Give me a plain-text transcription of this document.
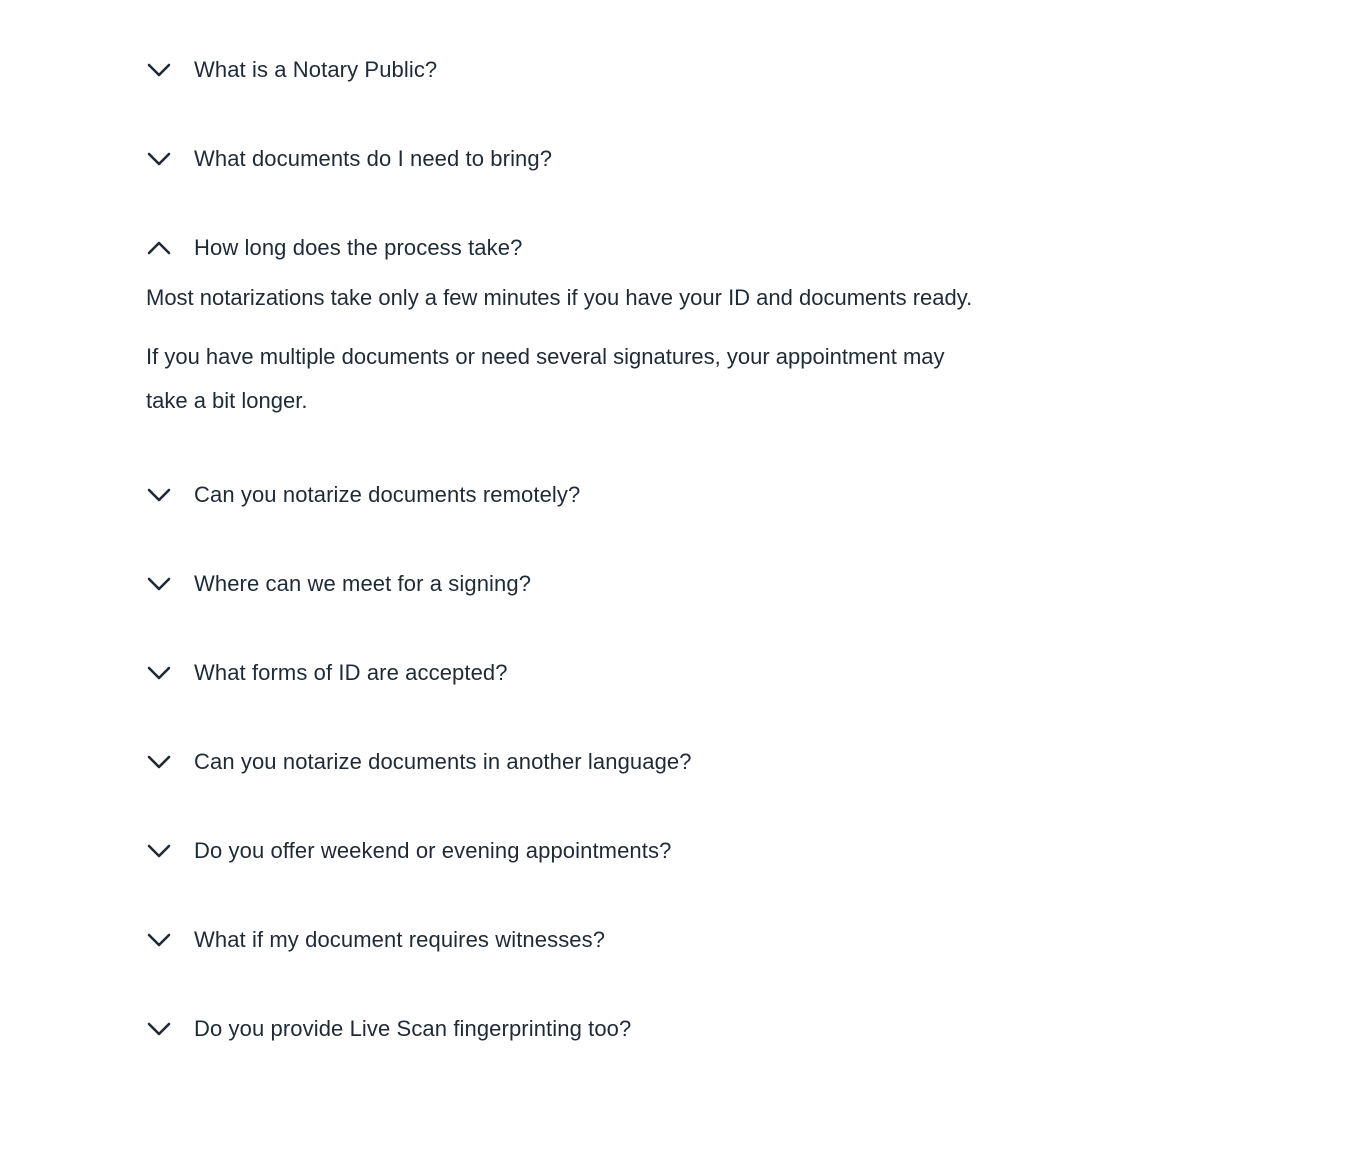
What is a Notary Public?
What documents do I need to bring?
How long does the process take?

Most notarizations take only a few minutes if you have your ID and documents ready.

If you have multiple documents or need several signatures, your appointment may take a bit longer.

Can you notarize documents remotely?
Where can we meet for a signing?
What forms of ID are accepted?
Can you notarize documents in another language?
Do you offer weekend or evening appointments?
What if my document requires witnesses?
Do you provide Live Scan fingerprinting too?
